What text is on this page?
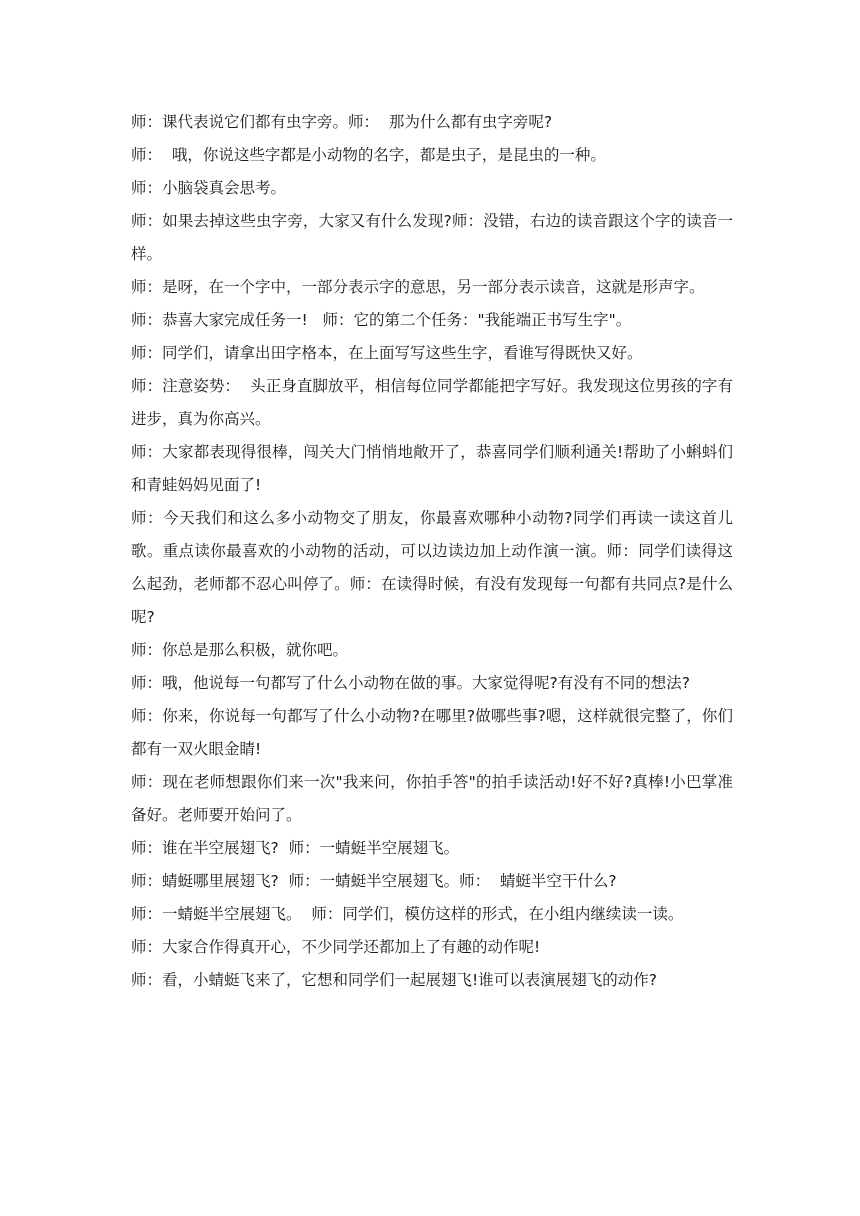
师：课代表说它们都有虫字旁。师：  那为什么都有虫字旁呢?

师：  哦，你说这些字都是小动物的名字，都是虫子，是昆虫的一种。

师：小脑袋真会思考。

师：如果去掉这些虫字旁，大家又有什么发现?师：没错，右边的读音跟这个字的读音一样。

师：是呀，在一个字中，一部分表示字的意思，另一部分表示读音，这就是形声字。

师：恭喜大家完成任务一!   师：它的第二个任务："我能端正书写生字"。

师：同学们，请拿出田字格本，在上面写写这些生字，看谁写得既快又好。

师：注意姿势：  头正身直脚放平，相信每位同学都能把字写好。我发现这位男孩的字有进步，真为你高兴。

师：大家都表现得很棒，闯关大门悄悄地敞开了，恭喜同学们顺利通关!帮助了小蝌蚪们和青蛙妈妈见面了!

师：今天我们和这么多小动物交了朋友，你最喜欢哪种小动物?同学们再读一读这首儿歌。重点读你最喜欢的小动物的活动，可以边读边加上动作演一演。师：同学们读得这么起劲，老师都不忍心叫停了。师：在读得时候，有没有发现每一句都有共同点?是什么呢?

师：你总是那么积极，就你吧。

师：哦，他说每一句都写了什么小动物在做的事。大家觉得呢?有没有不同的想法?

师：你来，你说每一句都写了什么小动物?在哪里?做哪些事?嗯，这样就很完整了，你们都有一双火眼金睛!

师：现在老师想跟你们来一次"我来问，你拍手答"的拍手读活动!好不好?真棒!小巴掌准备好。老师要开始问了。

师：谁在半空展翅飞?  师：一蜻蜓半空展翅飞。

师：蜻蜓哪里展翅飞?  师：一蜻蜓半空展翅飞。师：  蜻蜓半空干什么?

师：一蜻蜓半空展翅飞。  师：同学们，模仿这样的形式，在小组内继续读一读。

师：大家合作得真开心，不少同学还都加上了有趣的动作呢!

师：看，小蜻蜓飞来了，它想和同学们一起展翅飞!谁可以表演展翅飞的动作?
